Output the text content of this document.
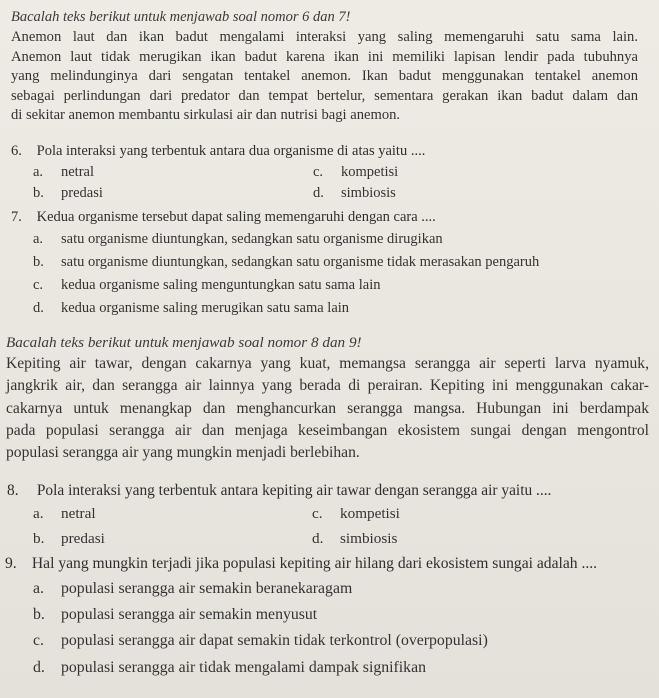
Bacalah teks berikut untuk menjawab soal nomor 6 dan 7!
Anemon laut dan ikan badut mengalami interaksi yang saling memengaruhi satu sama lain.
Anemon laut tidak merugikan ikan badut karena ikan ini memiliki lapisan lendir pada tubuhnya
yang melindunginya dari sengatan tentakel anemon. Ikan badut menggunakan tentakel anemon
sebagai perlindungan dari predator dan tempat bertelur, sementara gerakan ikan badut dalam dan
di sekitar anemon membantu sirkulasi air dan nutrisi bagi anemon.
6. Pola interaksi yang terbentuk antara dua organisme di atas yaitu ....
a. netral
b. predasi
c. kompetisi
d. simbiosis
7. Kedua organisme tersebut dapat saling memengaruhi dengan cara ....
a. satu organisme diuntungkan, sedangkan satu organisme dirugikan
b. satu organisme diuntungkan, sedangkan satu organisme tidak merasakan pengaruh
c. kedua organisme saling menguntungkan satu sama lain
d. kedua organisme saling merugikan satu sama lain
Bacalah teks berikut untuk menjawab soal nomor 8 dan 9!
Kepiting air tawar, dengan cakarnya yang kuat, memangsa serangga air seperti larva nyamuk,
jangkrik air, dan serangga air lainnya yang berada di perairan. Kepiting ini menggunakan cakar-
cakarnya untuk menangkap dan menghancurkan serangga mangsa. Hubungan ini berdampak
pada populasi serangga air dan menjaga keseimbangan ekosistem sungai dengan mengontrol
populasi serangga air yang mungkin menjadi berlebihan.
8. Pola interaksi yang terbentuk antara kepiting air tawar dengan serangga air yaitu ....
a. netral
b. predasi
c. kompetisi
d. simbiosis
9. Hal yang mungkin terjadi jika populasi kepiting air hilang dari ekosistem sungai adalah ....
a. populasi serangga air semakin beranekaragam
b. populasi serangga air semakin menyusut
c. populasi serangga air dapat semakin tidak terkontrol (overpopulasi)
d. populasi serangga air tidak mengalami dampak signifikan
